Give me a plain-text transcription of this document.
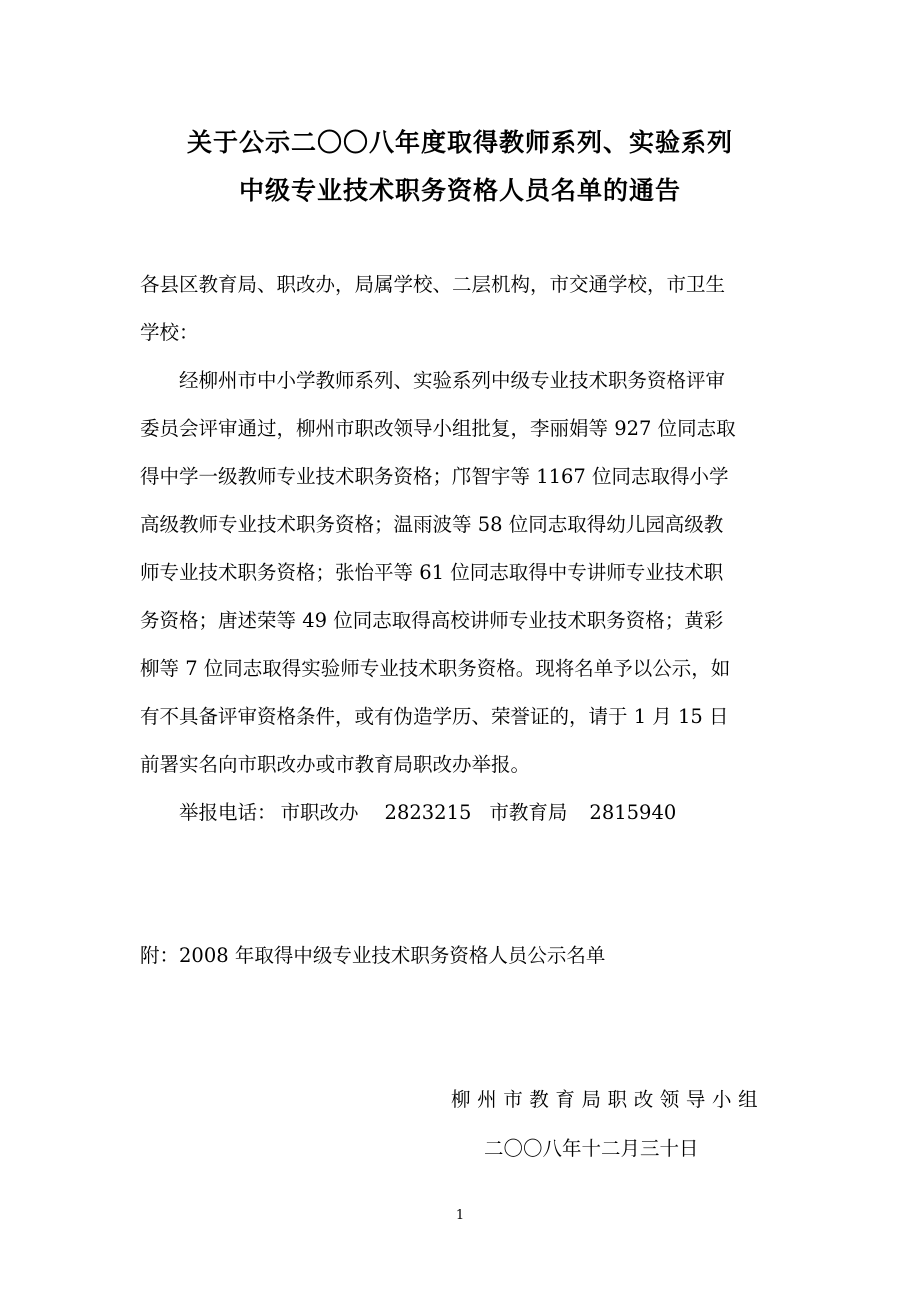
关于公示二〇〇八年度取得教师系列、实验系列
中级专业技术职务资格人员名单的通告
各县区教育局、职改办，局属学校、二层机构，市交通学校，市卫生
学校：
经柳州市中小学教师系列、实验系列中级专业技术职务资格评审
委员会评审通过，柳州市职改领导小组批复，李丽娟等 927 位同志取
得中学一级教师专业技术职务资格；邝智宇等 1167 位同志取得小学
高级教师专业技术职务资格；温雨波等 58 位同志取得幼儿园高级教
师专业技术职务资格；张怡平等 61 位同志取得中专讲师专业技术职
务资格；唐述荣等 49 位同志取得高校讲师专业技术职务资格；黄彩
柳等 7 位同志取得实验师专业技术职务资格。现将名单予以公示，如
有不具备评审资格条件，或有伪造学历、荣誉证的，请于 1 月 15 日
前署实名向市职改办或市教育局职改办举报。
举报电话： 市职改办 2823215 市教育局 2815940
附：2008 年取得中级专业技术职务资格人员公示名单
柳州市教育局职改领导小组
二〇〇八年十二月三十日
1
